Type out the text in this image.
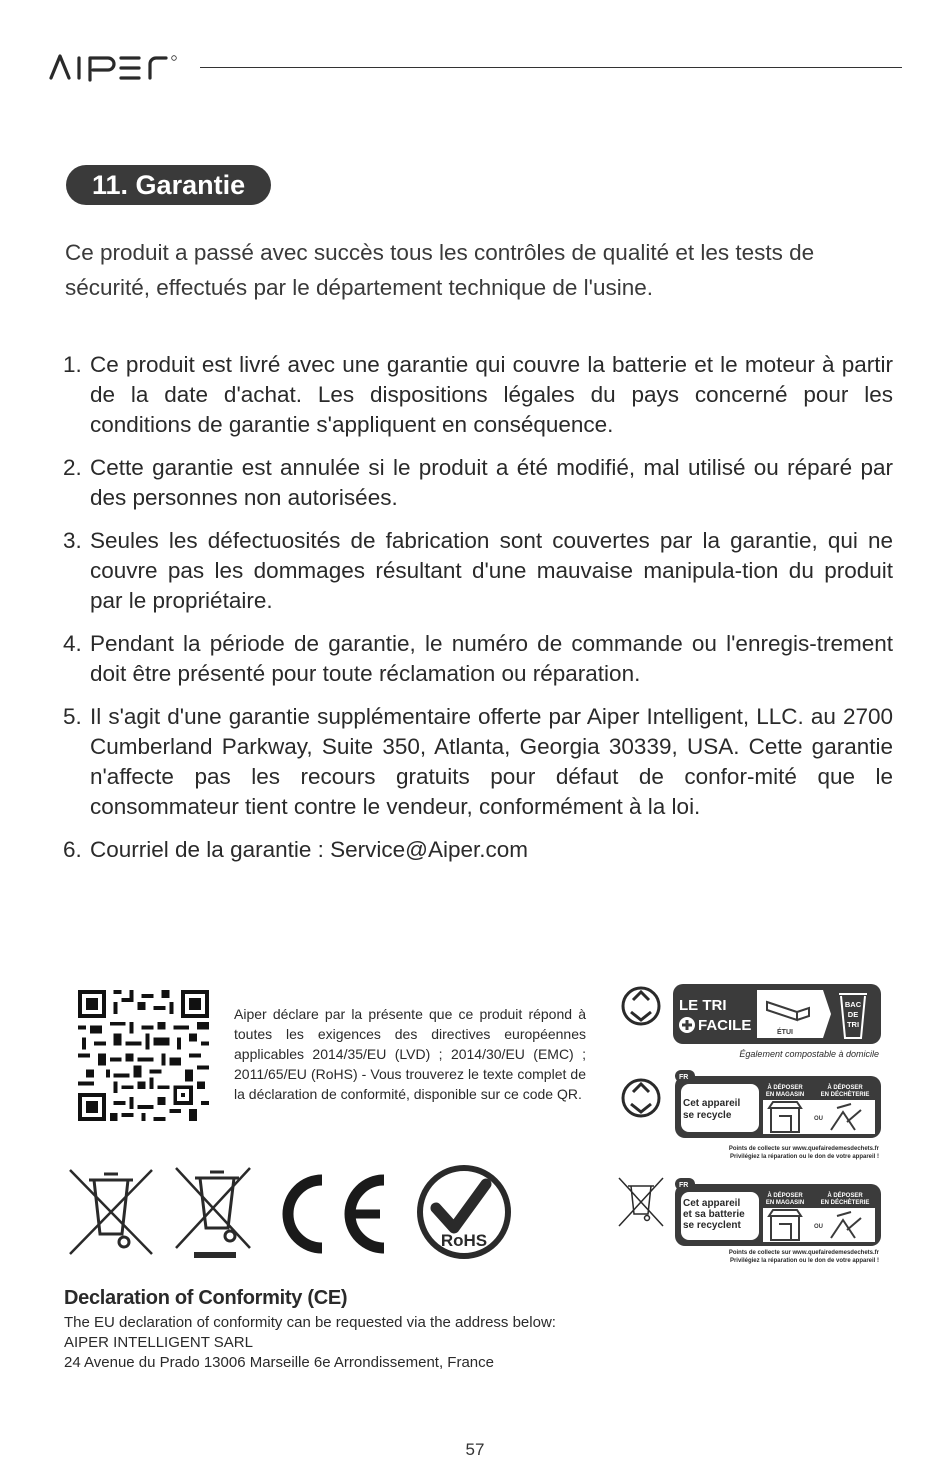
AIPER
11. Garantie

Ce produit a passé avec succès tous les contrôles de qualité et les tests de sécurité, effectués par le département technique de l'usine.

1. Ce produit est livré avec une garantie qui couvre la batterie et le moteur à partir de la date d'achat. Les dispositions légales du pays concerné pour les conditions de garantie s'appliquent en conséquence.
2. Cette garantie est annulée si le produit a été modifié, mal utilisé ou réparé par des personnes non autorisées.
3. Seules les défectuosités de fabrication sont couvertes par la garantie, qui ne couvre pas les dommages résultant d'une mauvaise manipula-tion du produit par le propriétaire.
4. Pendant la période de garantie, le numéro de commande ou l'enregis-trement doit être présenté pour toute réclamation ou réparation.
5. Il s'agit d'une garantie supplémentaire offerte par Aiper Intelligent, LLC. au 2700 Cumberland Parkway, Suite 350, Atlanta, Georgia 30339, USA. Cette garantie n'affecte pas les recours gratuits pour défaut de confor-mité que le consommateur tient contre le vendeur, conformément à la loi.
6. Courriel de la garantie : Service@Aiper.com

Aiper déclare par la présente que ce produit répond à toutes les exigences des directives européennes applicables 2014/35/EU (LVD) ; 2014/30/EU (EMC) ; 2011/65/EU (RoHS) - Vous trouverez le texte complet de la déclaration de conformité, disponible sur ce code QR.

RoHS
LE TRI
FACILE	ÉTUI
BAC
DE
TRI
Également compostable à domicile
FR
Cet appareil
se recycle
À DÉPOSER
EN MAGASIN
À DÉPOSER
EN DÉCHÈTERIE
OU
Points de collecte sur www.quefairedemesdechets.fr
Privilégiez la réparation ou le don de votre appareil !
FR
Cet appareil
et sa batterie
se recyclent
À DÉPOSER
EN MAGASIN
À DÉPOSER
EN DÉCHÈTERIE
OU
Points de collecte sur www.quefairedemesdechets.fr
Privilégiez la réparation ou le don de votre appareil !
Declaration of Conformity (CE)
The EU declaration of conformity can be requested via the address below:
AIPER INTELLIGENT SARL
24 Avenue du Prado 13006 Marseille 6e Arrondissement, France
57
